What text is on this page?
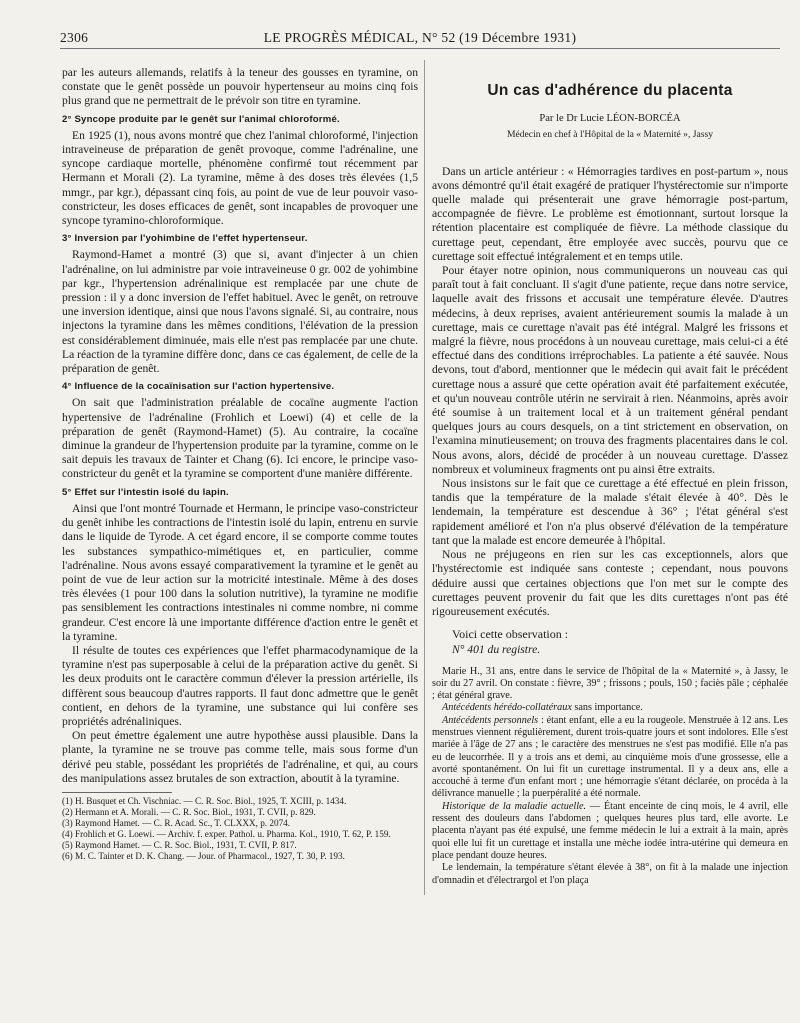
2306	LE PROGRÈS MÉDICAL, N° 52 (19 Décembre 1931)

par les auteurs allemands, relatifs à la teneur des gousses en tyramine, on constate que le genêt possède un pouvoir hypertenseur au moins cinq fois plus grand que ne permettrait de le prévoir son titre en tyramine.

2° Syncope produite par le genêt sur l'animal chloroformé.

En 1925 (1), nous avons montré que chez l'animal chloroformé, l'injection intraveineuse de préparation de genêt provoque, comme l'adrénaline, une syncope cardiaque mortelle, phénomène confirmé tout récemment par Hermann et Morali (2). La tyramine, même à des doses très élevées (1,5 mmgr., par kgr.), dépassant cinq fois, au point de vue de leur pouvoir vaso-constricteur, les doses efficaces de genêt, sont incapables de provoquer une syncope tyramino-chloroformique.

3° Inversion par l'yohimbine de l'effet hypertenseur.

Raymond-Hamet a montré (3) que si, avant d'injecter à un chien l'adrénaline, on lui administre par voie intraveineuse 0 gr. 002 de yohimbine par kgr., l'hypertension adrénalinique est remplacée par une chute de pression : il y a donc inversion de l'effet habituel. Avec le genêt, on retrouve une inversion identique, ainsi que nous l'avons signalé. Si, au contraire, nous injectons la tyramine dans les mêmes conditions, l'élévation de la pression est considérablement diminuée, mais elle n'est pas remplacée par une chute. La réaction de la tyramine diffère donc, dans ce cas également, de celle de la préparation de genêt.

4° Influence de la cocaïnisation sur l'action hypertensive.

On sait que l'administration préalable de cocaïne augmente l'action hypertensive de l'adrénaline (Frohlich et Loewi) (4) et celle de la préparation de genêt (Raymond-Hamet) (5). Au contraire, la cocaïne diminue la grandeur de l'hypertension produite par la tyramine, comme on le sait depuis les travaux de Tainter et Chang (6). Ici encore, le principe vaso-constricteur du genêt et la tyramine se comportent d'une manière différente.

5° Effet sur l'intestin isolé du lapin.

Ainsi que l'ont montré Tournade et Hermann, le principe vaso-constricteur du genêt inhibe les contractions de l'intestin isolé du lapin, entrenu en survie dans le liquide de Tyrode. A cet égard encore, il se comporte comme toutes les substances sympathico-mimétiques et, en particulier, comme l'adrénaline. Nous avons essayé comparativement la tyramine et le genêt au point de vue de leur action sur la motricité intestinale. Même à des doses très élevées (1 pour 100 dans la solution nutritive), la tyramine ne modifie pas sensiblement les contractions intestinales ni comme nombre, ni comme grandeur. C'est encore là une importante différence d'action entre le genêt et la tyramine.

Il résulte de toutes ces expériences que l'effet pharmacodynamique de la tyramine n'est pas superposable à celui de la préparation active du genêt. Si les deux produits ont le caractère commun d'élever la pression artérielle, ils diffèrent sous beaucoup d'autres rapports. Il faut donc admettre que le genêt contient, en dehors de la tyramine, une substance qui lui confère ses propriétés adrénaliniques.

On peut émettre également une autre hypothèse aussi plausible. Dans la plante, la tyramine ne se trouve pas comme telle, mais sous forme d'un dérivé peu stable, possédant les propriétés de l'adrénaline, et qui, au cours des manipulations assez brutales de son extraction, aboutit à la tyramine.

(1) H. Busquet et Ch. Vischniac. — C. R. Soc. Biol., 1925, T. XCIII, p. 1434.
(2) Hermann et A. Morali. — C. R. Soc. Biol., 1931, T. CVII, p. 829.
(3) Raymond Hamet. — C. R. Acad. Sc., T. CLXXX, p. 2074.
(4) Frohlich et G. Loewi. — Archiv. f. exper. Pathol. u. Pharma. Kol., 1910, T. 62, P. 159.
(5) Raymond Hamet. — C. R. Soc. Biol., 1931, T. CVII, P. 817.
(6) M. C. Tainter et D. K. Chang. — Jour. of Pharmacol., 1927, T. 30, P. 193.
Un cas d'adhérence du placenta
Par le Dr Lucie LÉON-BORCÉA
Médecin en chef à l'Hôpital de la « Maternité », Jassy

Dans un article antérieur : « Hémorragies tardives en post-partum », nous avons démontré qu'il était exagéré de pratiquer l'hystérectomie sur n'importe quelle malade qui présenterait une grave hémorragie post-partum, accompagnée de fièvre. Le problème est émotionnant, surtout lorsque la rétention placentaire est compliquée de fièvre. La méthode classique du curettage peut, cependant, être employée avec succès, pourvu que ce curettage soit effectué intégralement et en temps utile.

Pour étayer notre opinion, nous communiquerons un nouveau cas qui paraît tout à fait concluant. Il s'agit d'une patiente, reçue dans notre service, laquelle avait des frissons et accusait une température élevée. D'autres médecins, à deux reprises, avaient antérieurement soumis la malade à un curettage, mais ce curettage n'avait pas été intégral. Malgré les frissons et malgré la fièvre, nous procédons à un nouveau curettage, mais celui-ci a été effectué dans des conditions irréprochables. La patiente a été sauvée. Nous devons, tout d'abord, mentionner que le médecin qui avait fait le précédent curettage nous a assuré que cette opération avait été parfaitement exécutée, et qu'un nouveau contrôle utérin ne servirait à rien. Néanmoins, après avoir été soumise à un traitement local et à un traitement général pendant quelques jours au cours desquels, on a tint strictement en observation, on l'examina minutieusement; on trouva des fragments placentaires dans le col. Nous avons, alors, décidé de procéder à un nouveau curettage. D'assez nombreux et volumineux fragments ont pu ainsi être extraits.

Nous insistons sur le fait que ce curettage a été effectué en plein frisson, tandis que la température de la malade s'était élevée à 40°. Dès le lendemain, la température est descendue à 36° ; l'état général s'est rapidement amélioré et l'on n'a plus observé d'élévation de la température tant que la malade est encore demeurée à l'hôpital.

Nous ne préjugeons en rien sur les cas exceptionnels, alors que l'hystérectomie est indiquée sans conteste ; cependant, nous pouvons déduire aussi que certaines objections que l'on met sur le compte des curettages peuvent provenir du fait que les dits curettages n'ont pas été rigoureusement exécutés.

Voici cette observation :
N° 401 du registre.

Marie H., 31 ans, entre dans le service de l'hôpital de la « Maternité », à Jassy, le soir du 27 avril. On constate : fièvre, 39° ; frissons ; pouls, 150 ; faciès pâle ; céphalée ; état général grave.

Antécédents hérédo-collatéraux sans importance.

Antécédents personnels : étant enfant, elle a eu la rougeole. Menstruée à 12 ans. Les menstrues viennent régulièrement, durent trois-quatre jours et sont indolores. Elle s'est mariée à l'âge de 27 ans ; le caractère des menstrues ne s'est pas modifié. Elle n'a pas eu de leucorrhée. Il y a trois ans et demi, au cinquième mois d'une grossesse, elle a avorté spontanément. On lui fit un curettage instrumental. Il y a deux ans, elle a accouché à terme d'un enfant mort ; une hémorragie s'étant déclarée, on procéda à la délivrance manuelle ; la puerpéralité a été normale.

Historique de la maladie actuelle. — Étant enceinte de cinq mois, le 4 avril, elle ressent des douleurs dans l'abdomen ; quelques heures plus tard, elle avorte. Le placenta n'ayant pas été expulsé, une femme médecin le lui a extrait à la main, après quoi elle lui fit un curettage et installa une mèche iodée intra-utérine qui demeura en place pendant douze heures.

Le lendemain, la température s'étant élevée à 38°, on fit à la malade une injection d'omnadin et d'électrargol et l'on plaça
